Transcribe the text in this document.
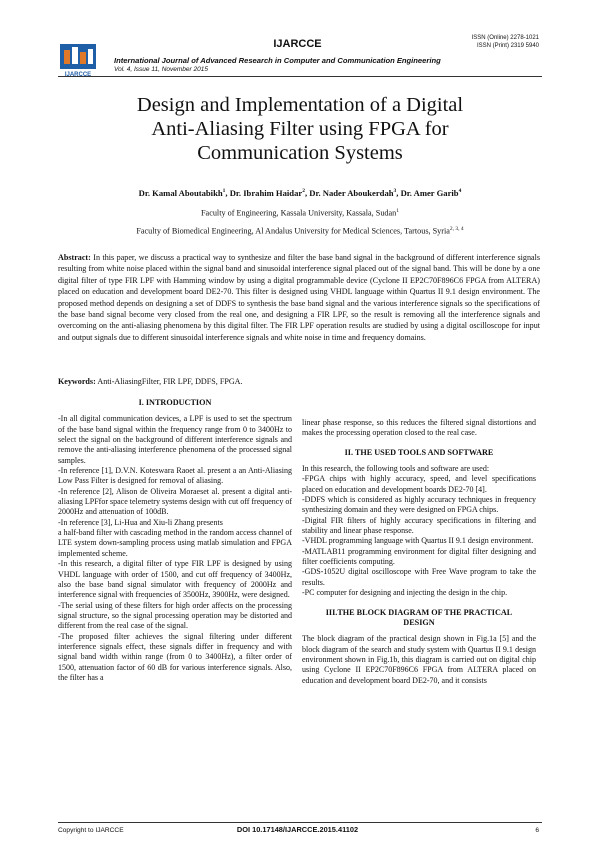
IJARCCE
IJARCCE	ISSN (Online) 2278-1021
ISSN (Print) 2319 5940
International Journal of Advanced Research in Computer and Communication Engineering
Vol. 4, Issue 11, November 2015
Design and Implementation of a Digital
Anti-Aliasing Filter using FPGA for
Communication Systems
Dr. Kamal Aboutabikh$^1$, Dr. Ibrahim Haidar$^2$, Dr. Nader Aboukerdah$^3$, Dr. Amer Garib$^4$
Faculty of Engineering, Kassala University, Kassala, Sudan$^1$
Faculty of Biomedical Engineering, Al Andalus University for Medical Sciences, Tartous, Syria$^{2, 3, 4}$
Abstract: In this paper, we discuss a practical way to synthesize and filter the base band signal in the background of different interference signals resulting from white noise placed within the signal band and sinusoidal interference signal placed out of the signal band. This will be done by a one digital filter of type FIR LPF with Hamming window by using a digital programmable device (Cyclone II EP2C70F896C6 FPGA from ALTERA) placed on education and development board DE2-70. This filter is designed using VHDL language within Quartus II 9.1 design environment. The proposed method depends on designing a set of DDFS to synthesis the base band signal and the various interference signals so the specifications of the base band signal become very closed from the real one, and designing a FIR LPF, so the result is removing all the interference signals and overcoming on the anti-aliasing phenomena by this digital filter. The FIR LPF operation results are studied by using a digital oscilloscope for input and output signals due to different sinusoidal interference signals and white noise in time and frequency domains.
Keywords: Anti-AliasingFilter, FIR LPF, DDFS, FPGA.
I. INTRODUCTION

-In all digital communication devices, a LPF is used to set the spectrum of the base band signal within the frequency range from 0 to 3400Hz to select the signal on the background of different interference signals and remove the anti-aliasing interference phenomena of the processed signal samples.

-In reference [1], D.V.N. Koteswara Raoet al. present a an Anti-Aliasing Low Pass Filter is designed for removal of aliasing.

-In reference [2], Alison de Oliveira Moraeset al. present a digital anti-aliasing LPFfor space telemetry systems design with cut off frequency of 2000Hz and attenuation of 100dB.

-In reference [3], Li-Hua and Xiu-li Zhang presents

a half-band filter with cascading method in the random access channel of LTE system down-sampling process using matlab simulation and FPGA implemented scheme.

-In this research, a digital filter of type FIR LPF is designed by using VHDL language with order of 1500, and cut off frequency of 3400Hz, also the base band signal simulator with frequency of 2000Hz and interference signal with frequencies of 3500Hz, 3900Hz, were designed.

-The serial using of these filters for high order affects on the processing signal structure, so the signal processing operation may be distorted and different from the real case of the signal.

-The proposed filter achieves the signal filtering under different interference signals effect, these signals differ in frequency and with signal band width within range (from 0 to 3400Hz), a filter order of 1500, attenuation factor of 60 dB for various interference signals. Also, the filter has a

linear phase response, so this reduces the filtered signal distortions and makes the processing operation closed to the real case.

II. THE USED TOOLS AND SOFTWARE

In this research, the following tools and software are used:

-FPGA chips with highly accuracy, speed, and level specifications placed on education and development boards DE2-70 [4].

-DDFS which is considered as highly accuracy techniques in frequency synthesizing domain and they were designed on FPGA chips.

-Digital FIR filters of highly accuracy specifications in filtering and stability and linear phase response.

-VHDL programming language with Quartus II 9.1 design environment.

-MATLAB11 programming environment for digital filter designing and filter coefficients computing.

-GDS-1052U digital oscilloscope with Free Wave program to take the results.

-PC computer for designing and injecting the design in the chip.

III.THE BLOCK DIAGRAM OF THE PRACTICAL
DESIGN

The block diagram of the practical design shown in Fig.1a [5] and the block diagram of the search and study system with Quartus II 9.1 design environment shown in Fig.1b, this diagram is carried out on digital chip using Cyclone II EP2C70F896C6 FPGA from ALTERA placed on education and development board DE2-70, and it consists

Copyright to IJARCCE	DOI 10.17148/IJARCCE.2015.41102	6
